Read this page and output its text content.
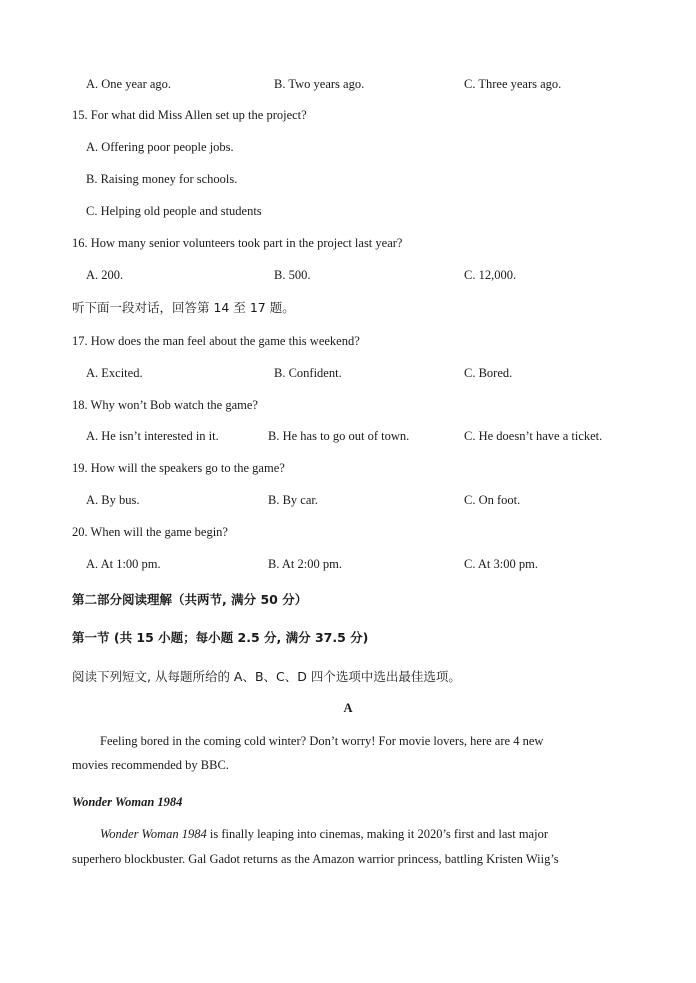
A. One year ago.	B. Two years ago.	C. Three years ago.
15. For what did Miss Allen set up the project?
A. Offering poor people jobs.
B. Raising money for schools.
C. Helping old people and students
16. How many senior volunteers took part in the project last year?
A. 200.	B. 500.	C. 12,000.
听下面一段对话，回答第 14 至 17 题。
17. How does the man feel about the game this weekend?
A. Excited.	B. Confident.	C. Bored.
18. Why won’t Bob watch the game?
A. He isn’t interested in it.	B. He has to go out of town.	C. He doesn’t have a ticket.
19. How will the speakers go to the game?
A. By bus.	B. By car.	C. On foot.
20. When will the game begin?
A. At 1:00 pm.	B. At 2:00 pm.	C. At 3:00 pm.
第二部分阅读理解（共两节, 满分 50 分）
第一节 (共 15 小题；每小题 2.5 分, 满分 37.5 分)
阅读下列短文, 从每题所给的 A、B、C、D 四个选项中选出最佳选项。
A
Feeling bored in the coming cold winter? Don’t worry! For movie lovers, here are 4 new
movies recommended by BBC.
Wonder Woman 1984
Wonder Woman 1984 is finally leaping into cinemas, making it 2020’s first and last major
superhero blockbuster. Gal Gadot returns as the Amazon warrior princess, battling Kristen Wiig’s
